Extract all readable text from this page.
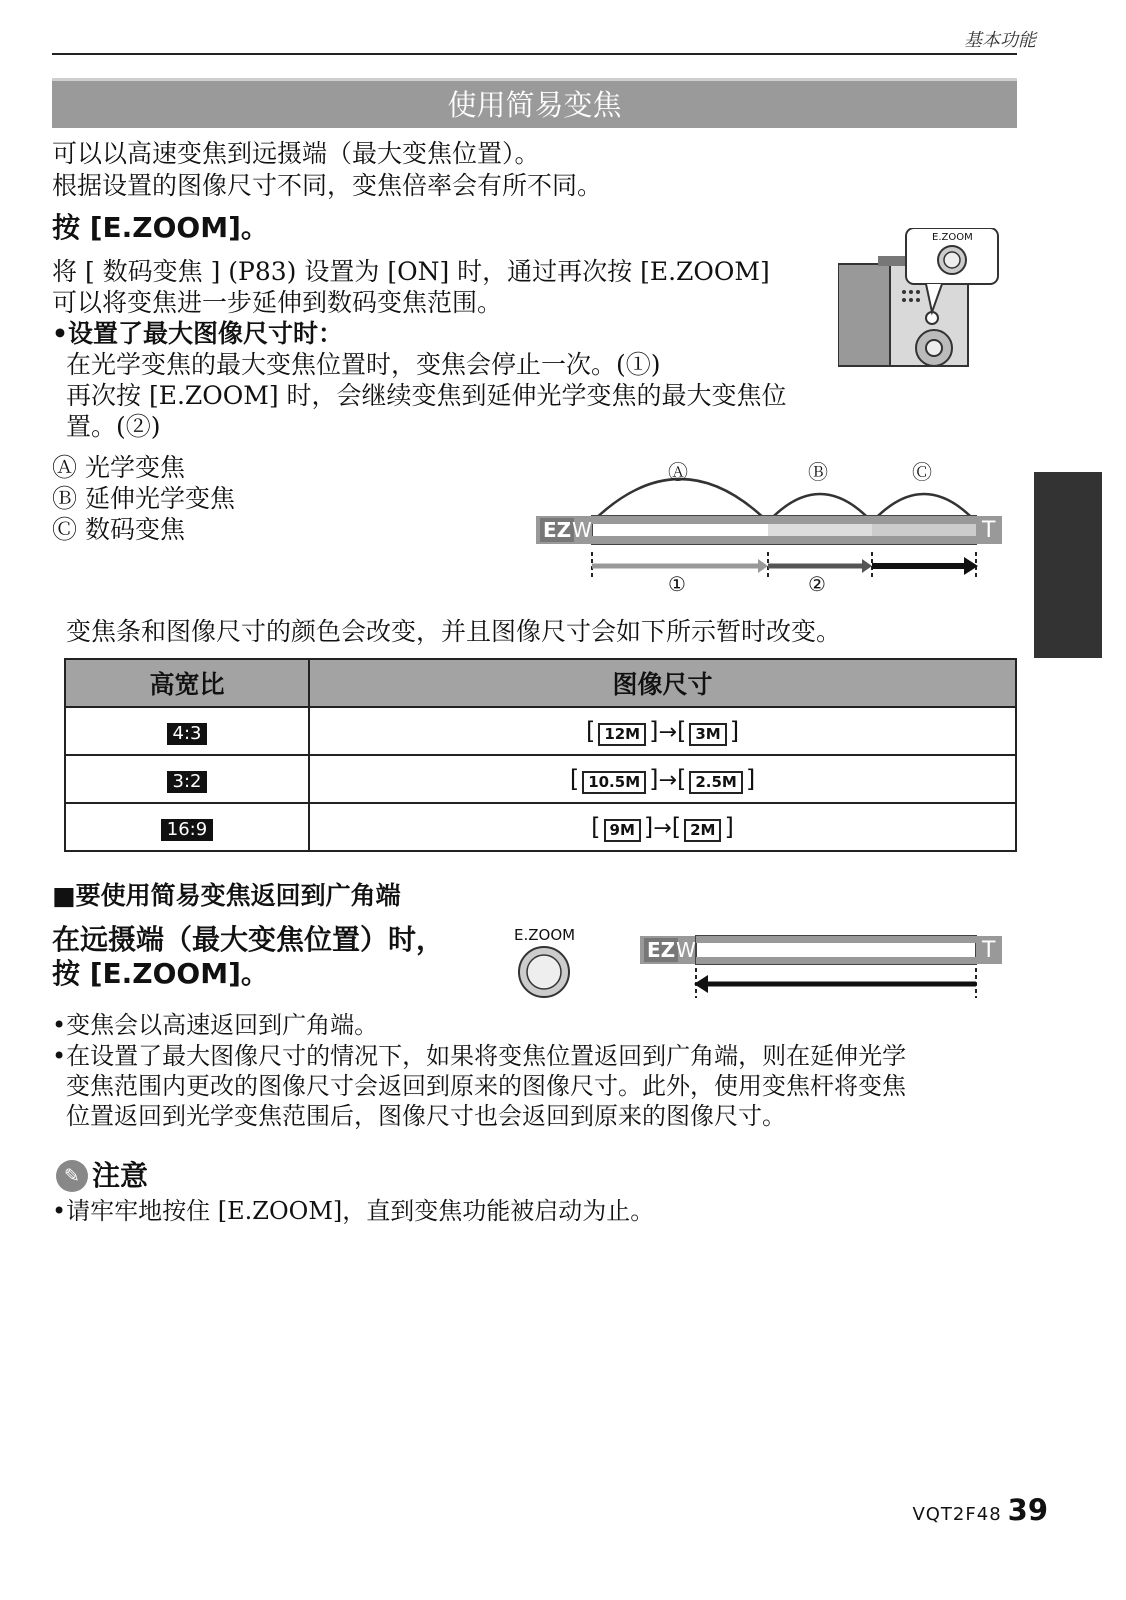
基本功能
使用简易变焦
可以以高速变焦到远摄端（最大变焦位置）。
根据设置的图像尺寸不同，变焦倍率会有所不同。
按 [E.ZOOM]。
将 [ 数码变焦 ] (P83) 设置为 [ON] 时，通过再次按 [E.ZOOM]
可以将变焦进一步延伸到数码变焦范围。
•设置了最大图像尺寸时：
在光学变焦的最大变焦位置时，变焦会停止一次。(①)
再次按 [E.ZOOM] 时，会继续变焦到延伸光学变焦的最大变焦位
置。(②)
E.ZOOM
Ⓐ 光学变焦
Ⓑ 延伸光学变焦
Ⓒ 数码变焦	EZ W	T
Ⓐ	Ⓑ	Ⓒ
①	②
变焦条和图像尺寸的颜色会改变，并且图像尺寸会如下所示暂时改变。
高宽比	图像尺寸
4:3	[ 12M ]→[ 3M ]
3:2	[ 10.5M ]→[ 2.5M ]
16:9	[ 9M ]→[ 2M ]
■要使用简易变焦返回到广角端
在远摄端（最大变焦位置）时，
按 [E.ZOOM]。
E.ZOOM
EZ W	T
•变焦会以高速返回到广角端。
•在设置了最大图像尺寸的情况下，如果将变焦位置返回到广角端，则在延伸光学
变焦范围内更改的图像尺寸会返回到原来的图像尺寸。此外，使用变焦杆将变焦
位置返回到光学变焦范围后，图像尺寸也会返回到原来的图像尺寸。
✎ 注意
•请牢牢地按住 [E.ZOOM]，直到变焦功能被启动为止。
VQT2F48 39
